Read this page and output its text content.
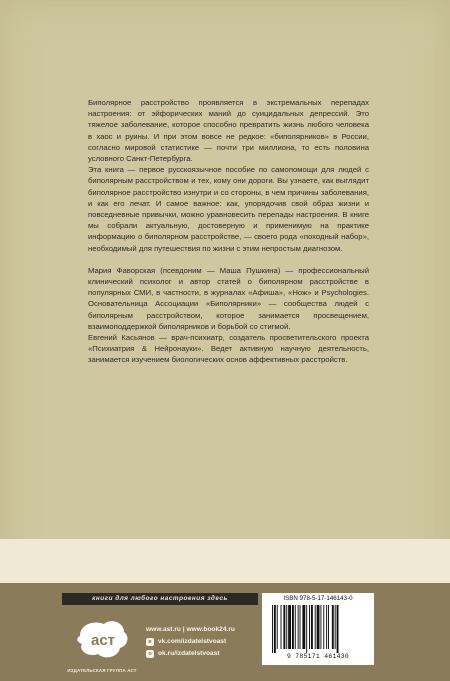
Биполярное расстройство проявляется в экстремальных перепадах настроения: от эйфорических маний до суицидальных депрессий. Это тяжелое заболевание, которое способно превратить жизнь любого человека в хаос и руины. И при этом вовсе не редкое: «биполярников» в России, согласно мировой статистике — почти три миллиона, то есть половина условного Санкт-Петербурга.

Эта книга — первое русскоязычное пособие по самопомощи для людей с биполярным расстройством и тех, кому они дороги. Вы узнаете, как выглядит биполярное расстройство изнутри и со стороны, в чем причины заболевания, и как его лечат. И самое важное: как, упорядочив свой образ жизни и повседневные привычки, можно уравновесить перепады настроения. В книге мы собрали актуальную, достоверную и применимую на практике информацию о биполярном расстройстве, — своего рода «походный набор», необходимый для путешествия по жизни с этим непростым диагнозом.

Мария Фаворская (псевдоним — Маша Пушкина) — профессиональный клинический психолог и автор статей о биполярном расстройстве в популярных СМИ, в частности, в журналах «Афиша», «Нож» и Psychologies. Основательница Ассоциации «Биполярники» — сообщества людей с биполярным расстройством, которое занимается просвещением, взаимоподдержкой биполярников и борьбой со стигмой.

Евгений Касьянов — врач-психиатр, создатель просветительского проекта «Психиатрия & Нейронауки». Ведет активную научную деятельность, занимается изучением биологических основ аффективных расстройств.

книги для любого настроения здесь
аст
ИЗДАТЕЛЬСКАЯ ГРУППА АСТ
www.ast.ru | www.book24.ru
в vk.com/izdatelstvoast
о ok.ru/izdatelstvoast
ISBN 978-5-17-146143-0
9 785171 461430
